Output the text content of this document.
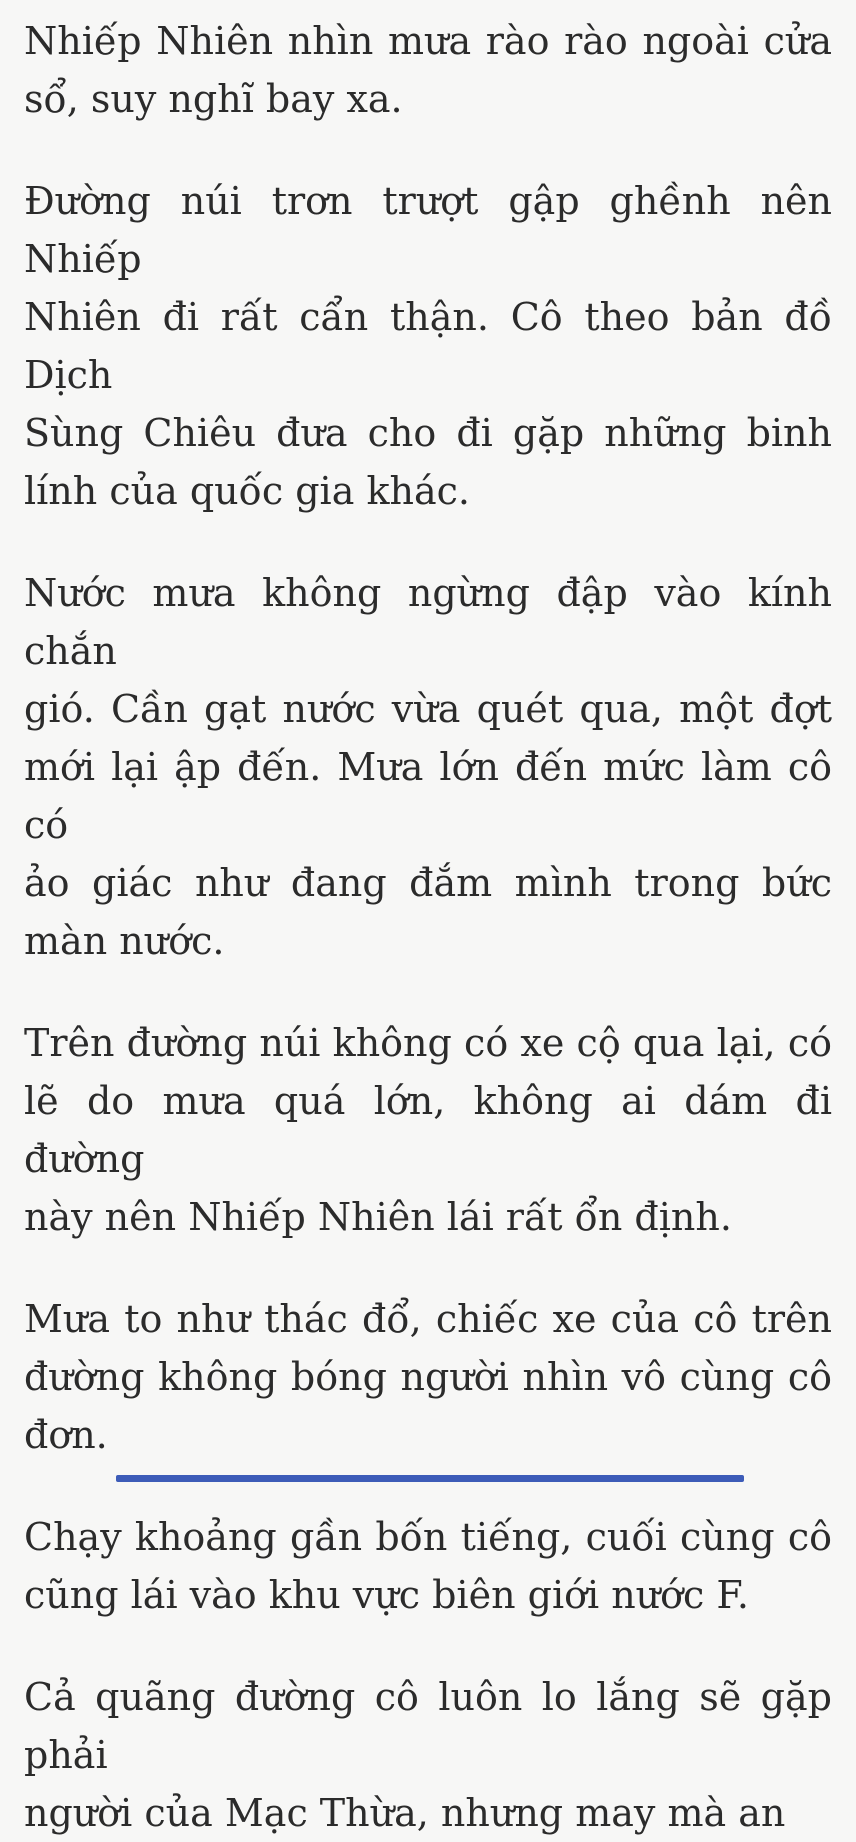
Nhiếp Nhiên nhìn mưa rào rào ngoài cửa
sổ, suy nghĩ bay xa.
Đường núi trơn trượt gập ghềnh nên Nhiếp
Nhiên đi rất cẩn thận. Cô theo bản đồ Dịch
Sùng Chiêu đưa cho đi gặp những binh
lính của quốc gia khác.
Nước mưa không ngừng đập vào kính chắn
gió. Cần gạt nước vừa quét qua, một đợt
mới lại ập đến. Mưa lớn đến mức làm cô có
ảo giác như đang đắm mình trong bức
màn nước.
Trên đường núi không có xe cộ qua lại, có
lẽ do mưa quá lớn, không ai dám đi đường
này nên Nhiếp Nhiên lái rất ổn định.
Mưa to như thác đổ, chiếc xe của cô trên
đường không bóng người nhìn vô cùng cô
đơn.
Chạy khoảng gần bốn tiếng, cuối cùng cô
cũng lái vào khu vực biên giới nước F.
Cả quãng đường cô luôn lo lắng sẽ gặp phải
người của Mạc Thừa, nhưng may mà an
